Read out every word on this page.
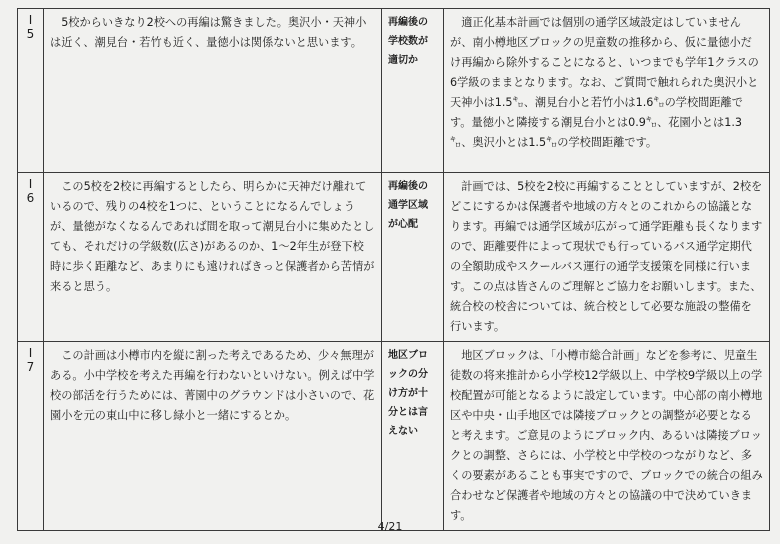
I
5	5校からいきなり2校への再編は驚きました。奥沢小・天神小は近く、潮見台・若竹も近く、量徳小は関係ないと思います。	再編後の学校数が適切か	適正化基本計画では個別の通学区域設定はしていませんが、南小樽地区ブロックの児童数の推移から、仮に量徳小だけ再編から除外することになると、いつまでも学年1クラスの6学級のままとなります。なお、ご質問で触れられた奥沢小と天神小は1.5㌔、潮見台小と若竹小は1.6㌔の学校間距離です。量徳小と隣接する潮見台小とは0.9㌔、花園小とは1.3㌔、奥沢小とは1.5㌔の学校間距離です。

I
6	この5校を2校に再編するとしたら、明らかに天神だけ離れているので、残りの4校を1つに、ということになるんでしょうが、量徳がなくなるんであれば間を取って潮見台小に集めたとしても、それだけの学級数(広さ)があるのか、1～2年生が登下校時に歩く距離など、あまりにも遠ければきっと保護者から苦情が来ると思う。	再編後の通学区域が心配	計画では、5校を2校に再編することとしていますが、2校をどこにするかは保護者や地域の方々とのこれからの協議となります。再編では通学区域が広がって通学距離も長くなりますので、距離要件によって現状でも行っているバス通学定期代の全額助成やスクールバス運行の通学支援策を同様に行います。この点は皆さんのご理解とご協力をお願いします。また、統合校の校舎については、統合校として必要な施設の整備を行います。

I
7	この計画は小樽市内を縦に割った考えであるため、少々無理がある。小中学校を考えた再編を行わないといけない。例えば中学校の部活を行うためには、菁園中のグラウンドは小さいので、花園小を元の東山中に移し緑小と一緒にするとか。	地区ブロックの分け方が十分とは言えない	地区ブロックは、「小樽市総合計画」などを参考に、児童生徒数の将来推計から小学校12学級以上、中学校9学級以上の学校配置が可能となるように設定しています。中心部の南小樽地区や中央・山手地区では隣接ブロックとの調整が必要となると考えます。ご意見のようにブロック内、あるいは隣接ブロックとの調整、さらには、小学校と中学校のつながりなど、多くの要素があることも事実ですので、ブロックでの統合の組み合わせなど保護者や地域の方々との協議の中で決めていきます。
4/21
